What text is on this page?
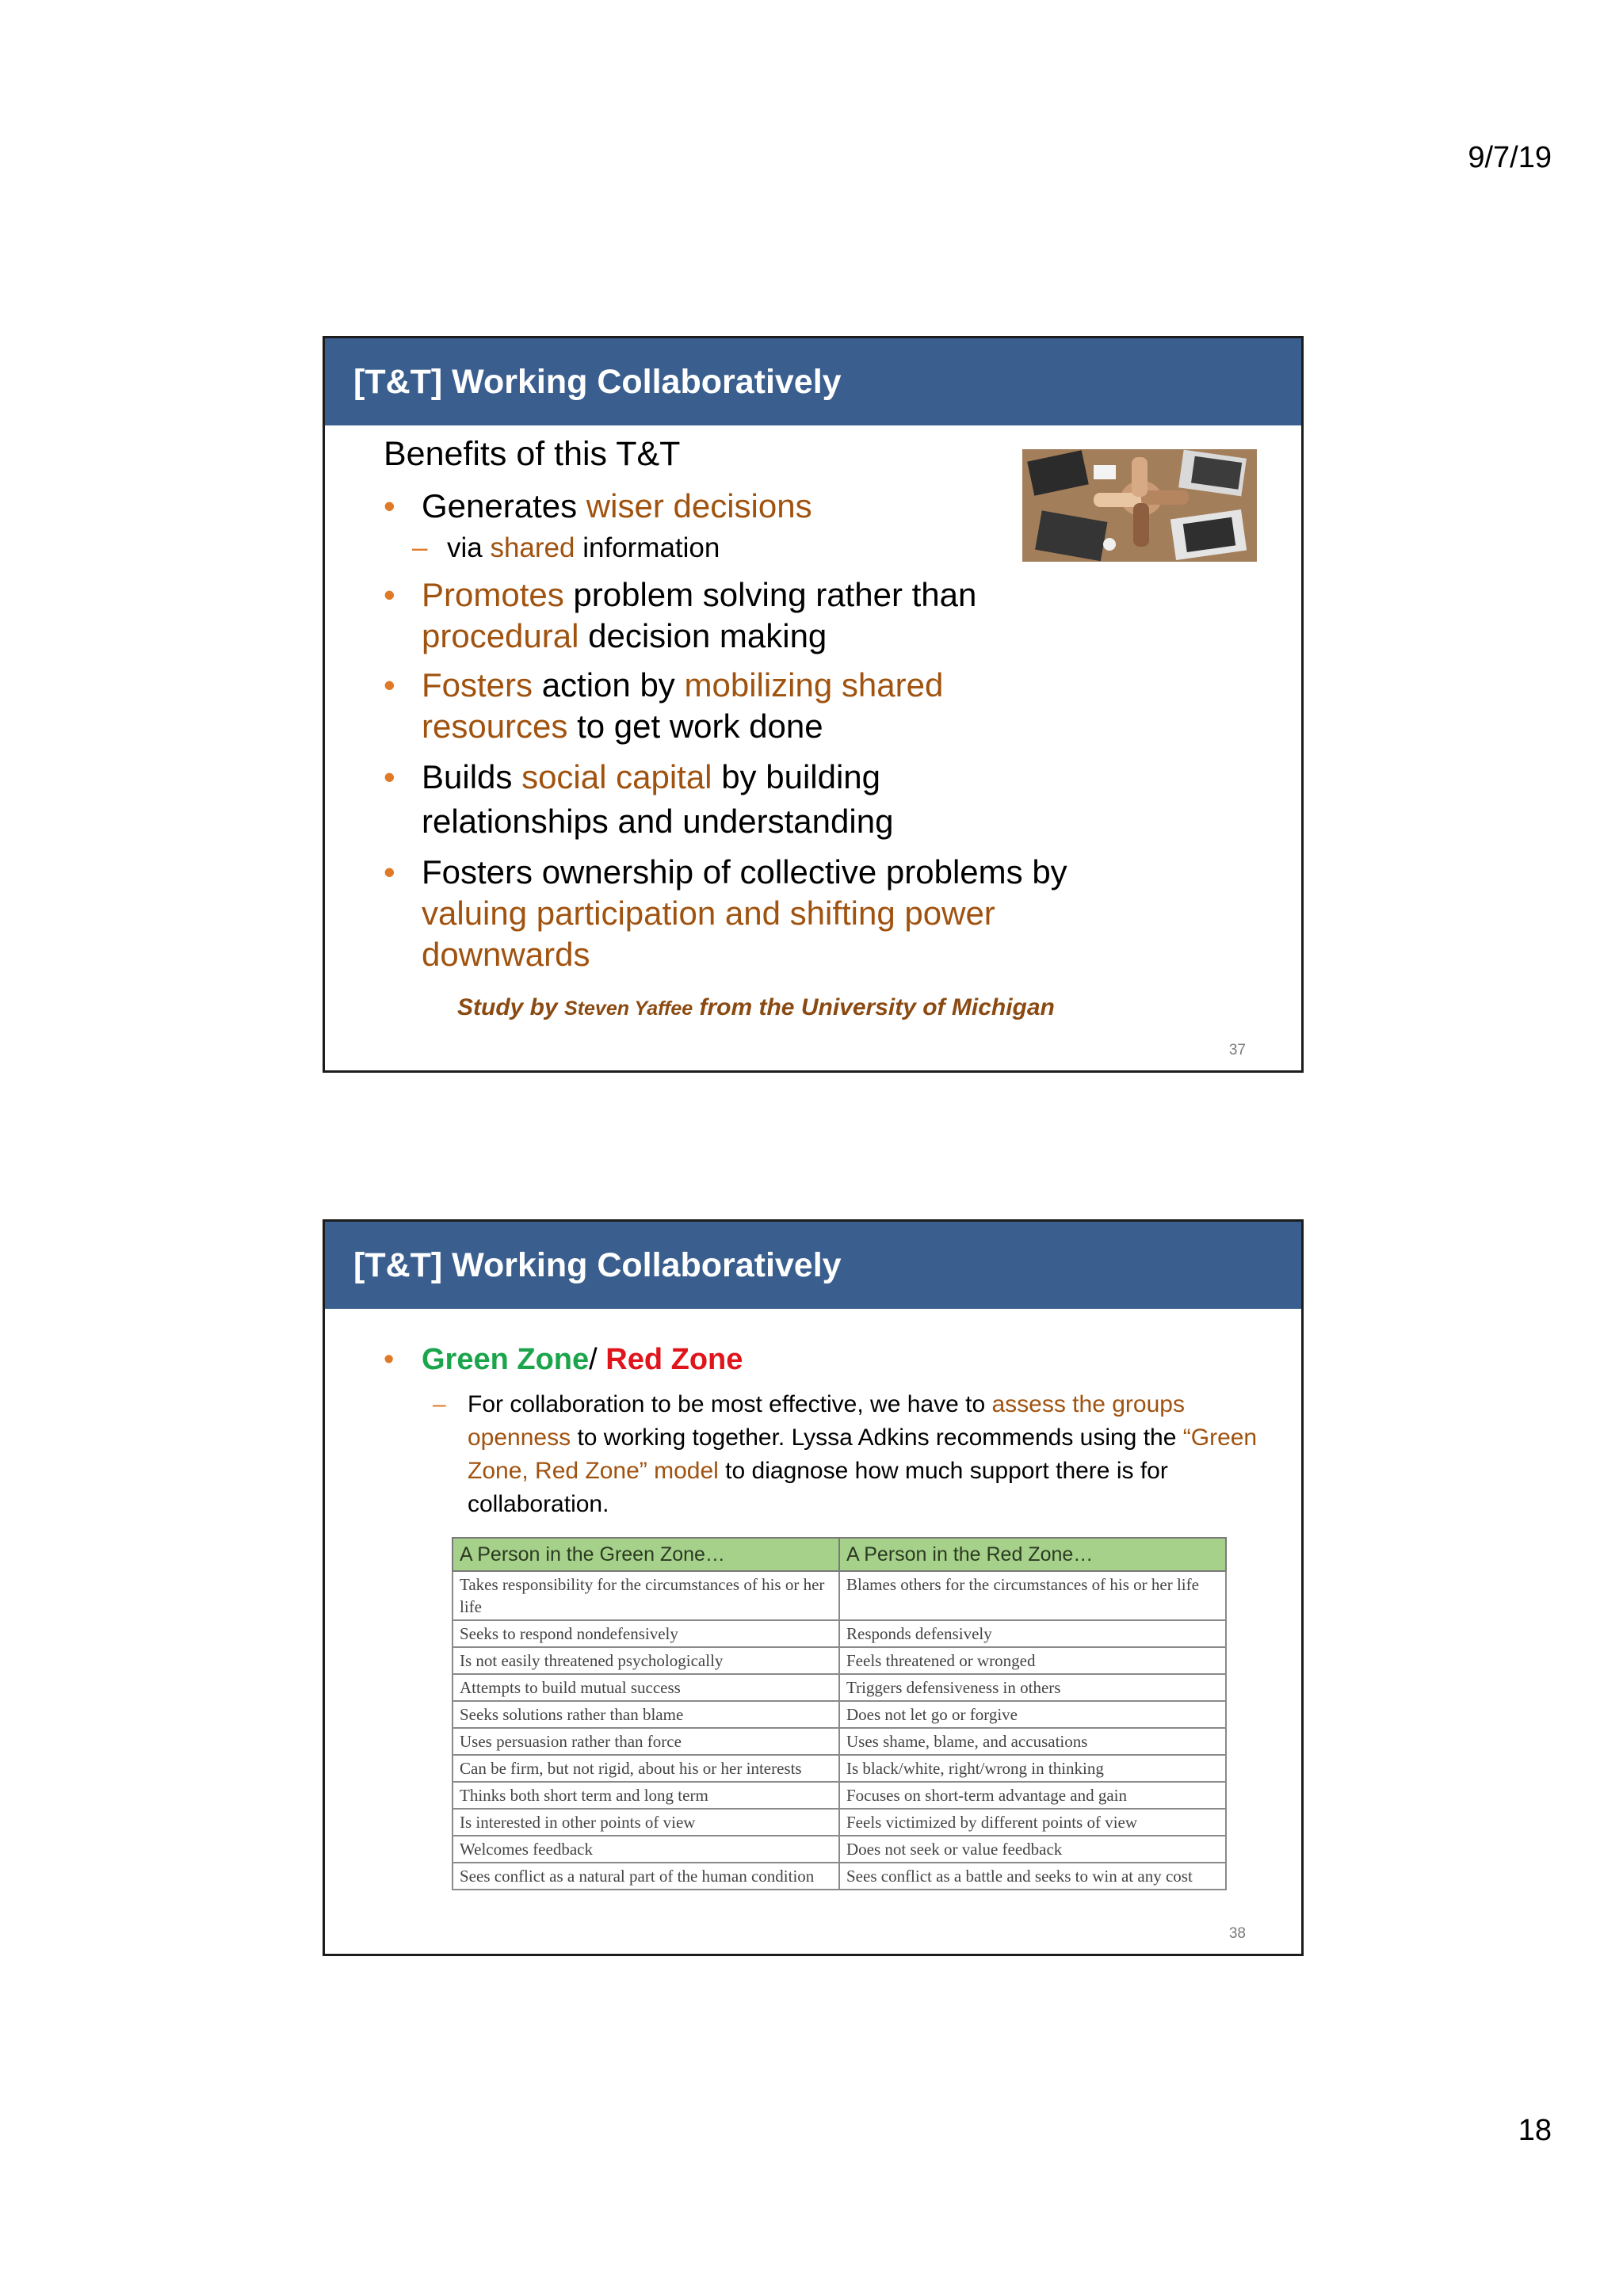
9/7/19
[T&T] Working Collaboratively
Benefits of this T&T
• Generates wiser decisions
– via shared information
• Promotes problem solving rather than procedural decision making
• Fosters action by mobilizing shared resources to get work done
• Builds social capital by building relationships and understanding
• Fosters ownership of collective problems by valuing participation and shifting power downwards
Study by Steven Yaffee from the University of Michigan
37
[T&T] Working Collaboratively
• Green Zone/ Red Zone
– For collaboration to be most effective, we have to assess the groups openness to working together. Lyssa Adkins recommends using the “Green Zone, Red Zone” model to diagnose how much support there is for collaboration.
A Person in the Green Zone…	A Person in the Red Zone…
Takes responsibility for the circumstances of his or her life	Blames others for the circumstances of his or her life
Seeks to respond nondefensively	Responds defensively
Is not easily threatened psychologically	Feels threatened or wronged
Attempts to build mutual success	Triggers defensiveness in others
Seeks solutions rather than blame	Does not let go or forgive
Uses persuasion rather than force	Uses shame, blame, and accusations
Can be firm, but not rigid, about his or her interests	Is black/white, right/wrong in thinking
Thinks both short term and long term	Focuses on short-term advantage and gain
Is interested in other points of view	Feels victimized by different points of view
Welcomes feedback	Does not seek or value feedback
Sees conflict as a natural part of the human condition	Sees conflict as a battle and seeks to win at any cost
38
18
